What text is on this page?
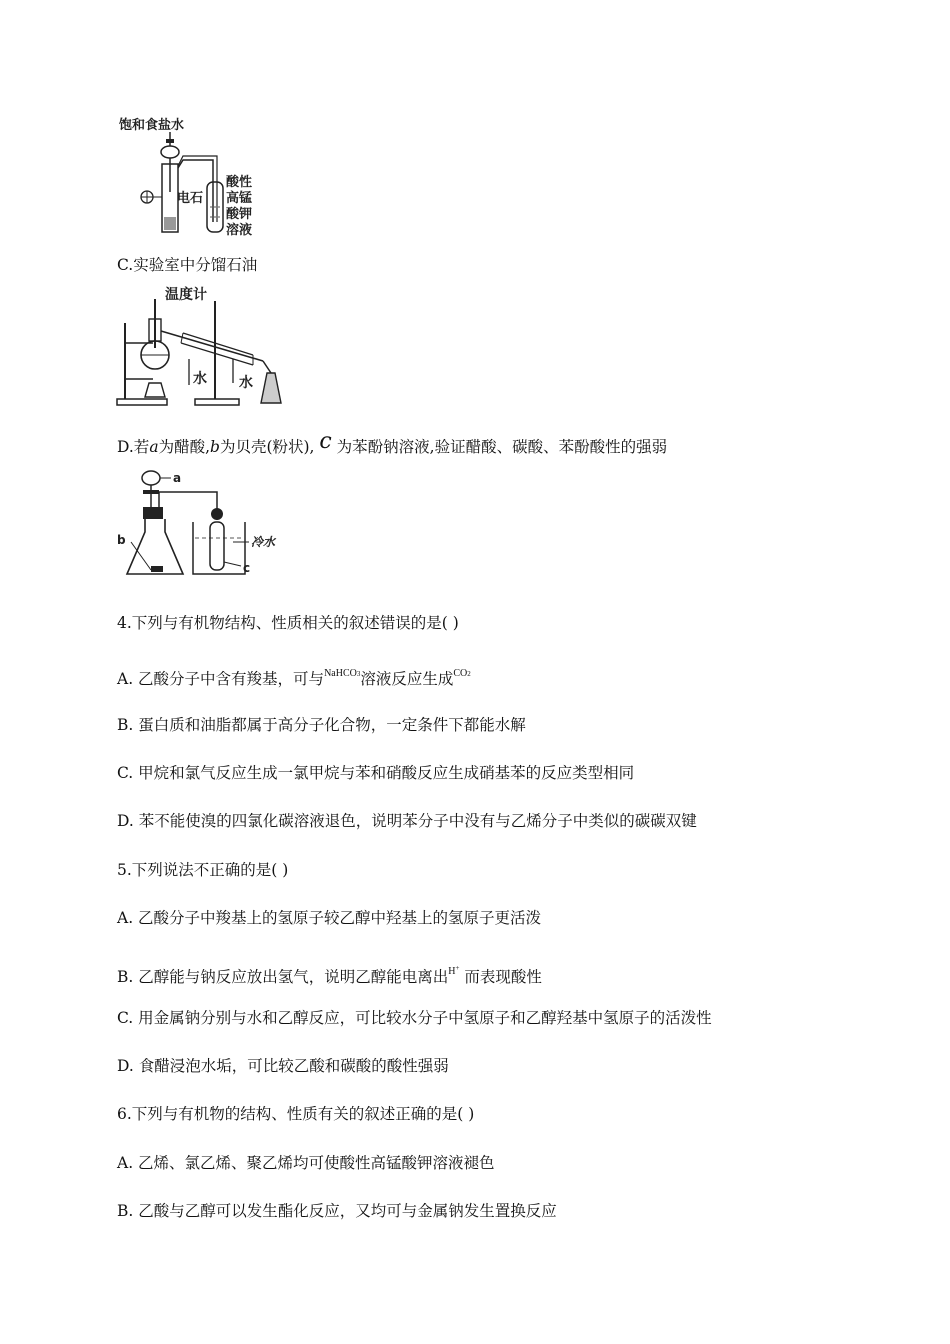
饱和食盐水
电石
酸性
高锰
酸钾
溶液
C.实验室中分馏石油
温度计
水 水
D.若a为醋酸,b为贝壳(粉状), c 为苯酚钠溶液,验证醋酸、碳酸、苯酚酸性的强弱
a
b
c
冷水
4.下列与有机物结构、性质相关的叙述错误的是( )
A. 乙酸分子中含有羧基，可与$^{NaHCO3}$溶液反应生成$^{CO2}$
B. 蛋白质和油脂都属于高分子化合物，一定条件下都能水解
C. 甲烷和氯气反应生成一氯甲烷与苯和硝酸反应生成硝基苯的反应类型相同
D. 苯不能使溴的四氯化碳溶液退色，说明苯分子中没有与乙烯分子中类似的碳碳双键
5.下列说法不正确的是( )
A. 乙酸分子中羧基上的氢原子较乙醇中羟基上的氢原子更活泼
B. 乙醇能与钠反应放出氢气，说明乙醇能电离出$^{H^+}$ 而表现酸性
C. 用金属钠分别与水和乙醇反应，可比较水分子中氢原子和乙醇羟基中氢原子的活泼性
D. 食醋浸泡水垢，可比较乙酸和碳酸的酸性强弱
6.下列与有机物的结构、性质有关的叙述正确的是( )
A. 乙烯、氯乙烯、聚乙烯均可使酸性高锰酸钾溶液褪色
B. 乙酸与乙醇可以发生酯化反应，又均可与金属钠发生置换反应
